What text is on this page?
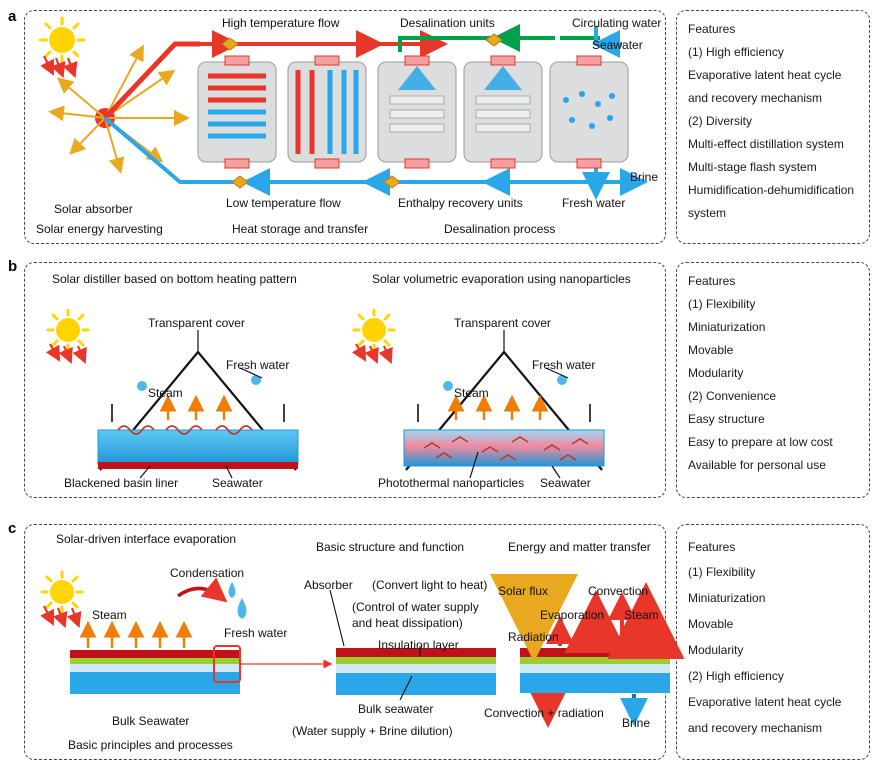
a
Features
(1) High efficiency
Evaporative latent heat cycle
and recovery mechanism
(2) Diversity
Multi-effect distillation system
Multi-stage flash system
Humidification-dehumidification
system
High temperature flow	Desalination units	Circulating water
Seawater
Brine
Fresh water
Low temperature flow	Enthalpy recovery units
Solar absorber
Solar energy harvesting	Heat storage and transfer	Desalination process
b
Features
(1) Flexibility
Miniaturization
Movable
Modularity
(2) Convenience
Easy structure
Easy to prepare at low cost
Available for personal use
Solar distiller based on bottom heating pattern
Transparent cover
Fresh water
Steam
Blackened basin liner	Seawater
Solar volumetric evaporation using nanoparticles
Transparent cover
Fresh water
Steam
Photothermal nanoparticles Seawater
c
Features
(1) Flexibility
Miniaturization
Movable
Modularity
(2) High efficiency
Evaporative latent heat cycle
and recovery mechanism
Solar-driven interface evaporation
Condensation
Steam
Fresh water
Bulk Seawater
Basic principles and processes
Basic structure and function
Absorber (Convert light to heat)
(Control of water supply
and heat dissipation)
Insulation layer
Bulk seawater
(Water supply + Brine dilution)
Energy and matter transfer
Solar flux	Convection
Evaporation Steam
Radiation
Convection + radiation
Brine
